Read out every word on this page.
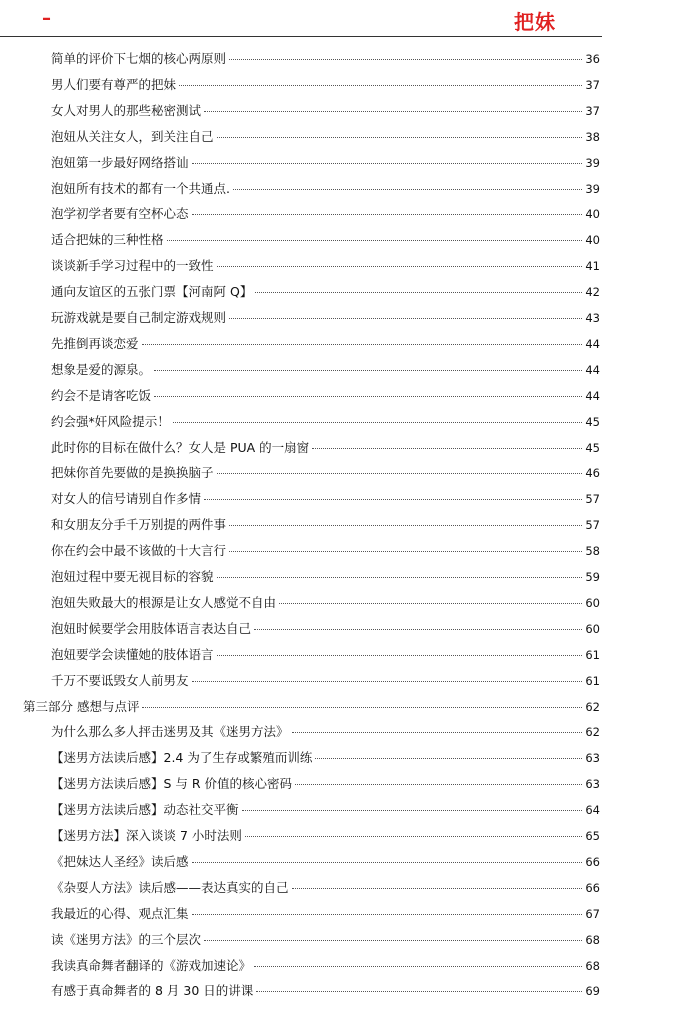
–	把妹
简单的评价下七烟的核心两原则	36
男人们要有尊严的把妹	37
女人对男人的那些秘密测试	37
泡妞从关注女人，到关注自己	38
泡妞第一步最好网络搭讪	39
泡妞所有技术的都有一个共通点.	39
泡学初学者要有空杯心态	40
适合把妹的三种性格	40
谈谈新手学习过程中的一致性	41
通向友谊区的五张门票【河南阿 Q】	42
玩游戏就是要自己制定游戏规则	43
先推倒再谈恋爱	44
想象是爱的源泉。	44
约会不是请客吃饭	44
约会强*奸风险提示！	45
此时你的目标在做什么？女人是 PUA 的一扇窗	45
把妹你首先要做的是换换脑子	46
对女人的信号请别自作多情	57
和女朋友分手千万别提的两件事	57
你在约会中最不该做的十大言行	58
泡妞过程中要无视目标的容貌	59
泡妞失败最大的根源是让女人感觉不自由	60
泡妞时候要学会用肢体语言表达自己	60
泡妞要学会读懂她的肢体语言	61
千万不要诋毁女人前男友	61
第三部分 感想与点评	62
为什么那么多人抨击迷男及其《迷男方法》	62
【迷男方法读后感】2.4 为了生存或繁殖而训练	63
【迷男方法读后感】S 与 R 价值的核心密码	63
【迷男方法读后感】动态社交平衡	64
【迷男方法】深入谈谈 7 小时法则	65
《把妹达人圣经》读后感	66
《杂耍人方法》读后感——表达真实的自己	66
我最近的心得、观点汇集	67
读《迷男方法》的三个层次	68
我读真命舞者翻译的《游戏加速论》	68
有感于真命舞者的 8 月 30 日的讲课	69
